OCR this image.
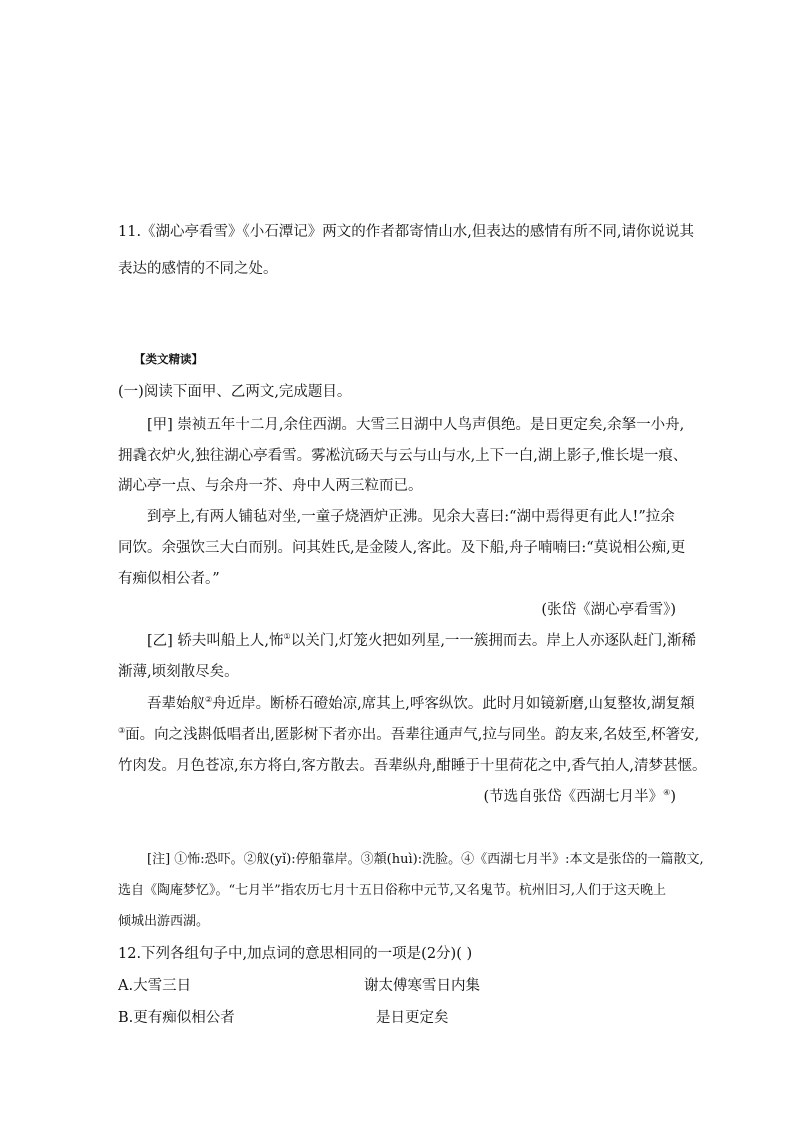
11.《湖心亭看雪》《小石潭记》两文的作者都寄情山水,但表达的感情有所不同,请你说说其
表达的感情的不同之处。
【类文精读】
(一)阅读下面甲、乙两文,完成题目。
[甲] 崇祯五年十二月,余住西湖。大雪三日湖中人鸟声俱绝。是日更定矣,余拏一小舟,
拥毳衣炉火,独往湖心亭看雪。雾凇沆砀天与云与山与水,上下一白,湖上影子,惟长堤一痕、
湖心亭一点、与余舟一芥、舟中人两三粒而已。
到亭上,有两人铺毡对坐,一童子烧酒炉正沸。见余大喜曰:“湖中焉得更有此人!”拉余
同饮。余强饮三大白而别。问其姓氏,是金陵人,客此。及下船,舟子喃喃曰:“莫说相公痴,更
有痴似相公者。”
(张岱《湖心亭看雪》)
[乙] 轿夫叫船上人,怖①以关门,灯笼火把如列星,一一簇拥而去。岸上人亦逐队赶门,渐稀
渐薄,顷刻散尽矣。
吾辈始舣②舟近岸。断桥石磴始凉,席其上,呼客纵饮。此时月如镜新磨,山复整妆,湖复頮
③面。向之浅斟低唱者出,匿影树下者亦出。吾辈往通声气,拉与同坐。韵友来,名妓至,杯箸安,
竹肉发。月色苍凉,东方将白,客方散去。吾辈纵舟,酣睡于十里荷花之中,香气拍人,清梦甚惬。
(节选自张岱《西湖七月半》④)
[注] ①怖:恐吓。②舣(yǐ):停船靠岸。③頮(huì):洗脸。④《西湖七月半》:本文是张岱的一篇散文,
选自《陶庵梦忆》。“七月半”指农历七月十五日俗称中元节,又名鬼节。杭州旧习,人们于这天晚上
倾城出游西湖。
12.下列各组句子中,加点词的意思相同的一项是(2分)( )
A.大雪三日	谢太傅寒雪日内集
B.更有痴似相公者	是日更定矣
